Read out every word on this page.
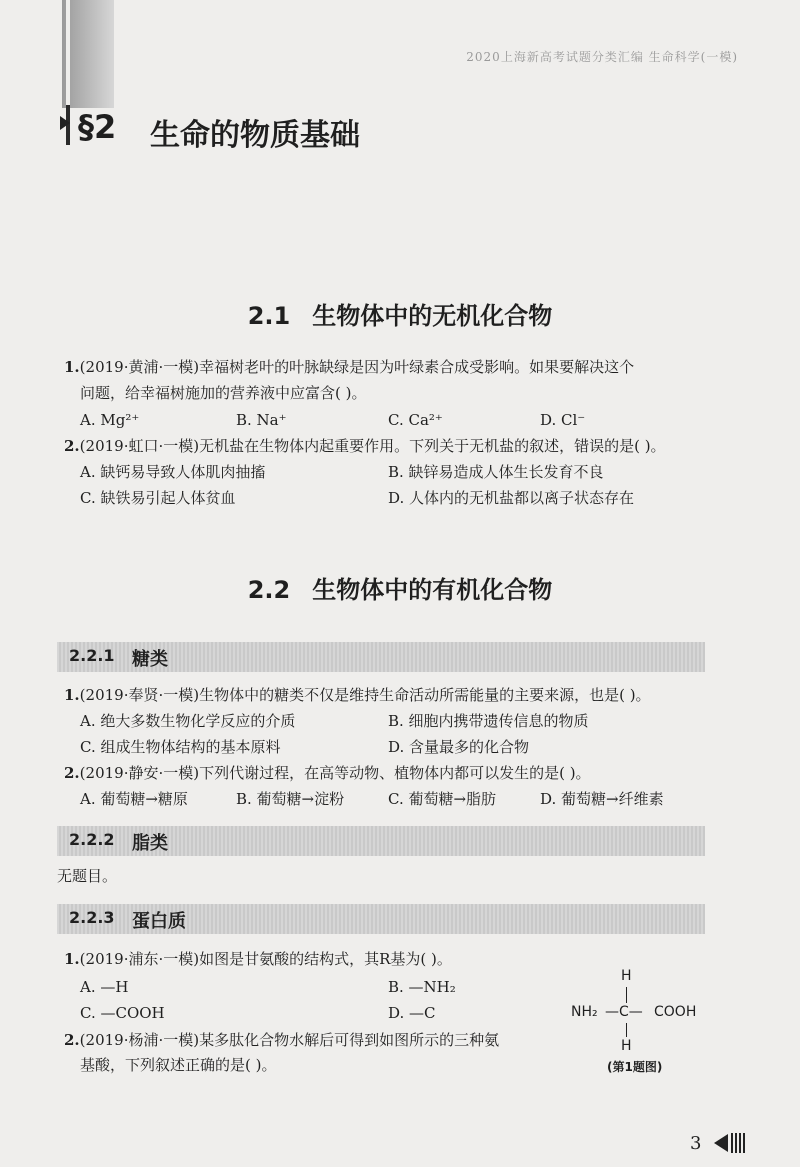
2020上海新高考试题分类汇编 生命科学(一模)
§2 生命的物质基础
2.1 生物体中的无机化合物
1.(2019·黄浦·一模)幸福树老叶的叶脉缺绿是因为叶绿素合成受影响。如果要解决这个
问题，给幸福树施加的营养液中应富含( )。
A. Mg²⁺	B. Na⁺	C. Ca²⁺	D. Cl⁻
2.(2019·虹口·一模)无机盐在生物体内起重要作用。下列关于无机盐的叙述，错误的是( )。
A. 缺钙易导致人体肌肉抽搐	B. 缺锌易造成人体生长发育不良
C. 缺铁易引起人体贫血	D. 人体内的无机盐都以离子状态存在
2.2 生物体中的有机化合物
2.2.1 糖类
1.(2019·奉贤·一模)生物体中的糖类不仅是维持生命活动所需能量的主要来源，也是( )。
A. 绝大多数生物化学反应的介质	B. 细胞内携带遗传信息的物质
C. 组成生物体结构的基本原料	D. 含量最多的化合物
2.(2019·静安·一模)下列代谢过程，在高等动物、植物体内都可以发生的是( )。
A. 葡萄糖→糖原	B. 葡萄糖→淀粉	C. 葡萄糖→脂肪	D. 葡萄糖→纤维素
2.2.2 脂类
无题目。
2.2.3 蛋白质
1.(2019·浦东·一模)如图是甘氨酸的结构式，其R基为( )。
A. —H	B. —NH₂
C. —COOH	D. —C
2.(2019·杨浦·一模)某多肽化合物水解后可得到如图所示的三种氨
基酸，下列叙述正确的是( )。
H
NH₂ —C— COOH
H
(第1题图)
3
